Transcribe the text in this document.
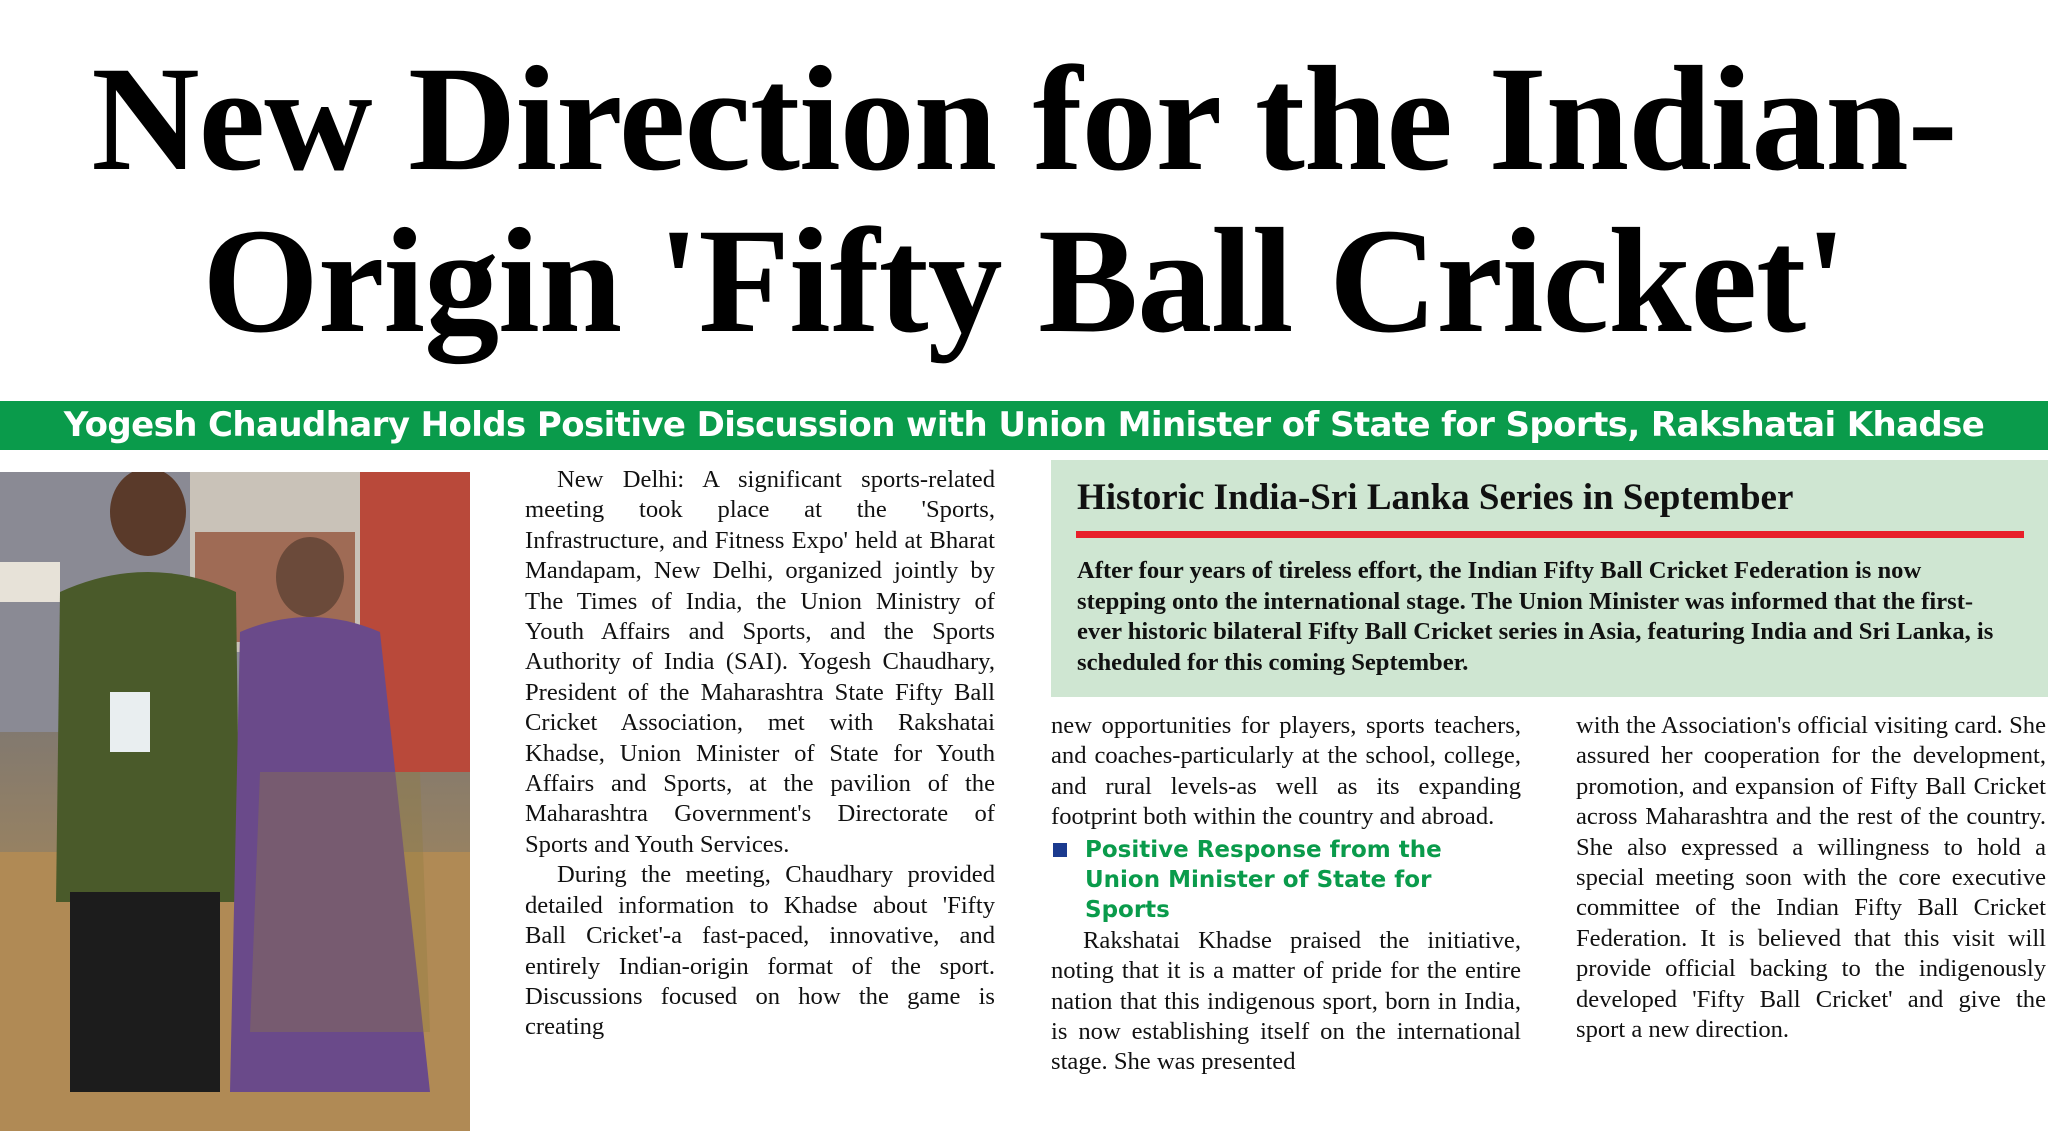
New Direction for the Indian-
Origin 'Fifty Ball Cricket'
Yogesh Chaudhary Holds Positive Discussion with Union Minister of State for Sports, Rakshatai Khadse

New Delhi: A significant sports-related meeting took place at the 'Sports, Infrastructure, and Fitness Expo' held at Bharat Mandapam, New Delhi, organized jointly by The Times of India, the Union Ministry of Youth Affairs and Sports, and the Sports Authority of India (SAI). Yogesh Chaudhary, President of the Maharashtra State Fifty Ball Cricket Association, met with Rakshatai Khadse, Union Minister of State for Youth Affairs and Sports, at the pavilion of the Maharashtra Government's Directorate of Sports and Youth Services.

During the meeting, Chaudhary provided detailed information to Khadse about 'Fifty Ball Cricket'-a fast-paced, innovative, and entirely Indian-origin format of the sport. Discussions focused on how the game is creating

Historic India-Sri Lanka Series in September

After four years of tireless effort, the Indian Fifty Ball Cricket Federation is now stepping onto the international stage. The Union Minister was informed that the first-ever historic bilateral Fifty Ball Cricket series in Asia, featuring India and Sri Lanka, is scheduled for this coming September.

new opportunities for players, sports teachers, and coaches-particularly at the school, college, and rural levels-as well as its expanding footprint both within the country and abroad.

Positive Response from the Union Minister of State for Sports

Rakshatai Khadse praised the initiative, noting that it is a matter of pride for the entire nation that this indigenous sport, born in India, is now establishing itself on the international stage. She was presented

with the Association's official visiting card. She assured her cooperation for the development, promotion, and expansion of Fifty Ball Cricket across Maharashtra and the rest of the country. She also expressed a willingness to hold a special meeting soon with the core executive committee of the Indian Fifty Ball Cricket Federation. It is believed that this visit will provide official backing to the indigenously developed 'Fifty Ball Cricket' and give the sport a new direction.
